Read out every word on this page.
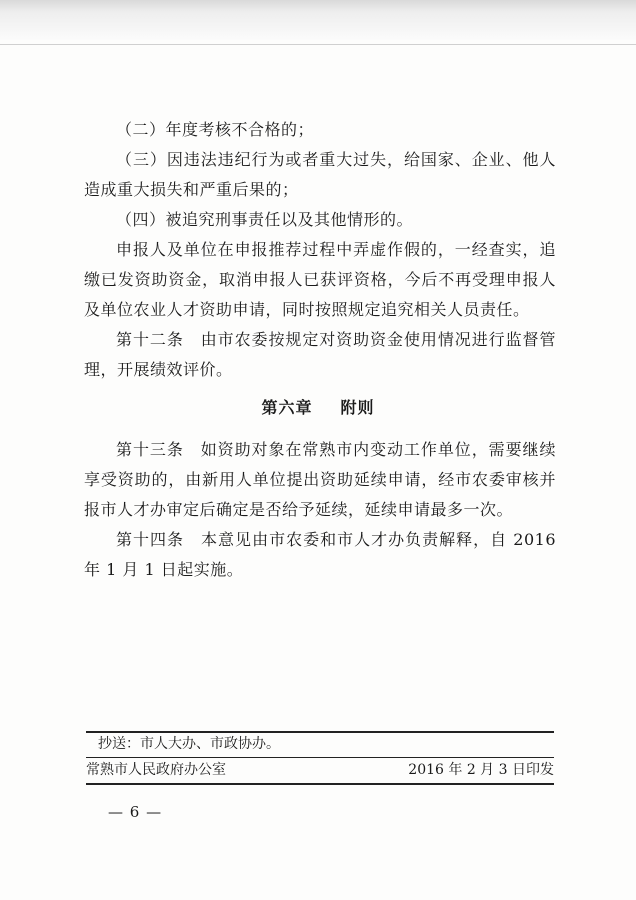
（二）年度考核不合格的；

（三）因违法违纪行为或者重大过失，给国家、企业、他人造成重大损失和严重后果的；

（四）被追究刑事责任以及其他情形的。

申报人及单位在申报推荐过程中弄虚作假的，一经查实，追缴已发资助资金，取消申报人已获评资格，今后不再受理申报人及单位农业人才资助申请，同时按照规定追究相关人员责任。

第十二条　由市农委按规定对资助资金使用情况进行监督管理，开展绩效评价。

第六章 附则

第十三条　如资助对象在常熟市内变动工作单位，需要继续享受资助的，由新用人单位提出资助延续申请，经市农委审核并报市人才办审定后确定是否给予延续，延续申请最多一次。

第十四条　本意见由市农委和市人才办负责解释，自 2016 年 1 月 1 日起实施。

抄送：市人大办、市政协办。
常熟市人民政府办公室	2016 年 2 月 3 日印发
— 6 —
